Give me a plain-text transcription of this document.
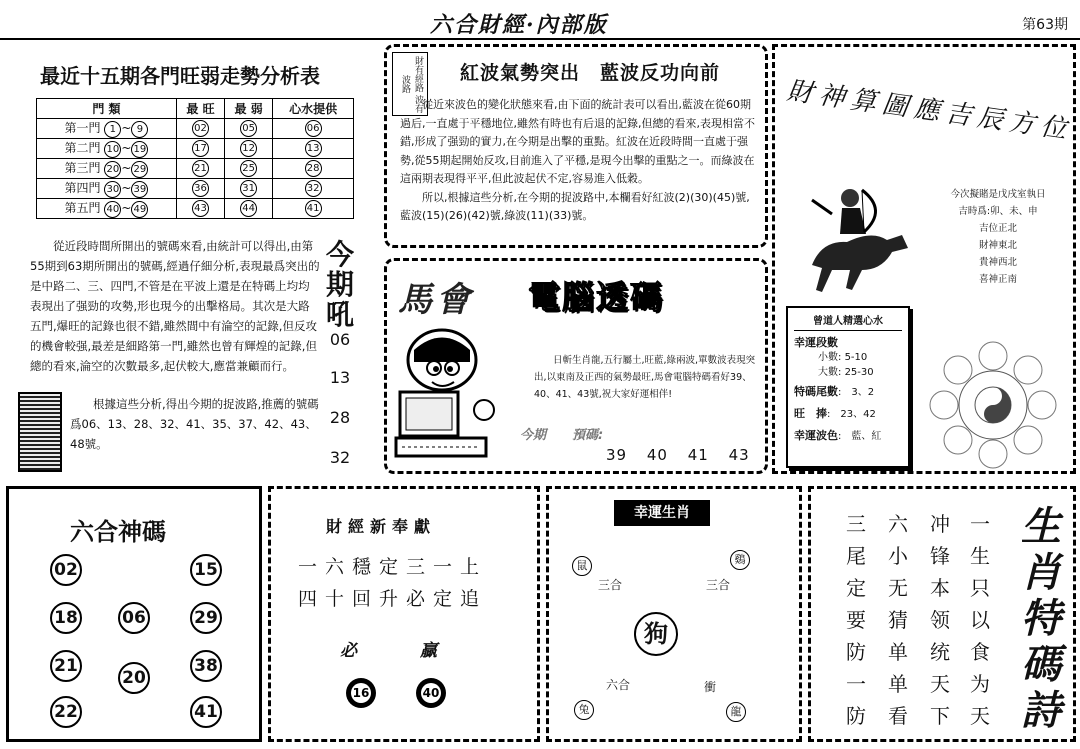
六合財經·內部版	第63期
最近十五期各門旺弱走勢分析表
門 類	最 旺	最 弱	心水提供
第一門 1 ~ 9	02	05	06
第二門 10 ~ 19	17	12	13
第三門 20 ~ 29	21	25	28
第四門 30 ~ 39	36	31	32
第五門 40 ~ 49	43	44	41
從近段時間所開出的號碼來看,由統計可以得出,由第55期到63期所開出的號碼,經過仔細分析,表現最爲突出的是中路二、三、四門,不管是在平波上還是在特碼上均均表現出了强勁的攻勢,形也現今的出擊格局。其次是大路五門,爆旺的記錄也很不錯,雖然間中有淪空的記錄,但反攻的機會較强,最差是細路第一門,雖然也曾有輝煌的記錄,但總的看來,淪空的次數最多,起伏較大,應當兼顧而行。
根據這些分析,得出今期的捉波路,推薦的號碼爲06、13、28、32、41、35、37、42、43、48號。
今期吼
06
13
28
32
財有經路 波有波路	紅波氣勢突出　藍波反功向前

從近來波色的變化狀態來看,由下面的統計表可以看出,藍波在從60期過后,一直處于平穩地位,雖然有時也有后退的記錄,但總的看來,表現相當不錯,形成了强勁的實力,在今期是出擊的重點。紅波在近段時間一直處于强勢,從55期起開始反攻,目前進入了平穩,是現今出擊的重點之一。而綠波在這兩期表現得平平,但此波起伏不定,容易進入低穀。

所以,根據這些分析,在今期的捉波路中,本欄看好紅波(2)(30)(45)號,藍波(15)(26)(42)號,綠波(11)(33)號。

馬會 電腦透碼
日斬生肖龍,五行屬土,旺藍,綠兩波,單數波表現突出,以東南及正西的氣勢最旺,馬會電腦特碼看好39、40、41、43號,祝大家好運相伴!
今期　　預碼:
39 40 41 43
財神算圖應吉辰方位
今次擬賭是戊戌室執日
吉時爲:卯、未、申
吉位正北
財神東北
貴神西北
喜神正南
曾道人精選心水
幸運段數
小數: 5-10
大數: 25-30
特碼尾數:　3、2
旺　捧:　23、42
幸運波色:　藍、紅
六合神碼
02	15
18	06	29
21
20
38
22	41
財經新奉獻
一六穩定三一上
四十回升必定追
必	贏
16	40
幸運生肖
鼠	鷄
三合	三合
狗
六合	衝
兔	龍
一生只以食为天
冲锋本领统天下
六小无猜单单看
三尾定要防一防
生肖特碼詩
